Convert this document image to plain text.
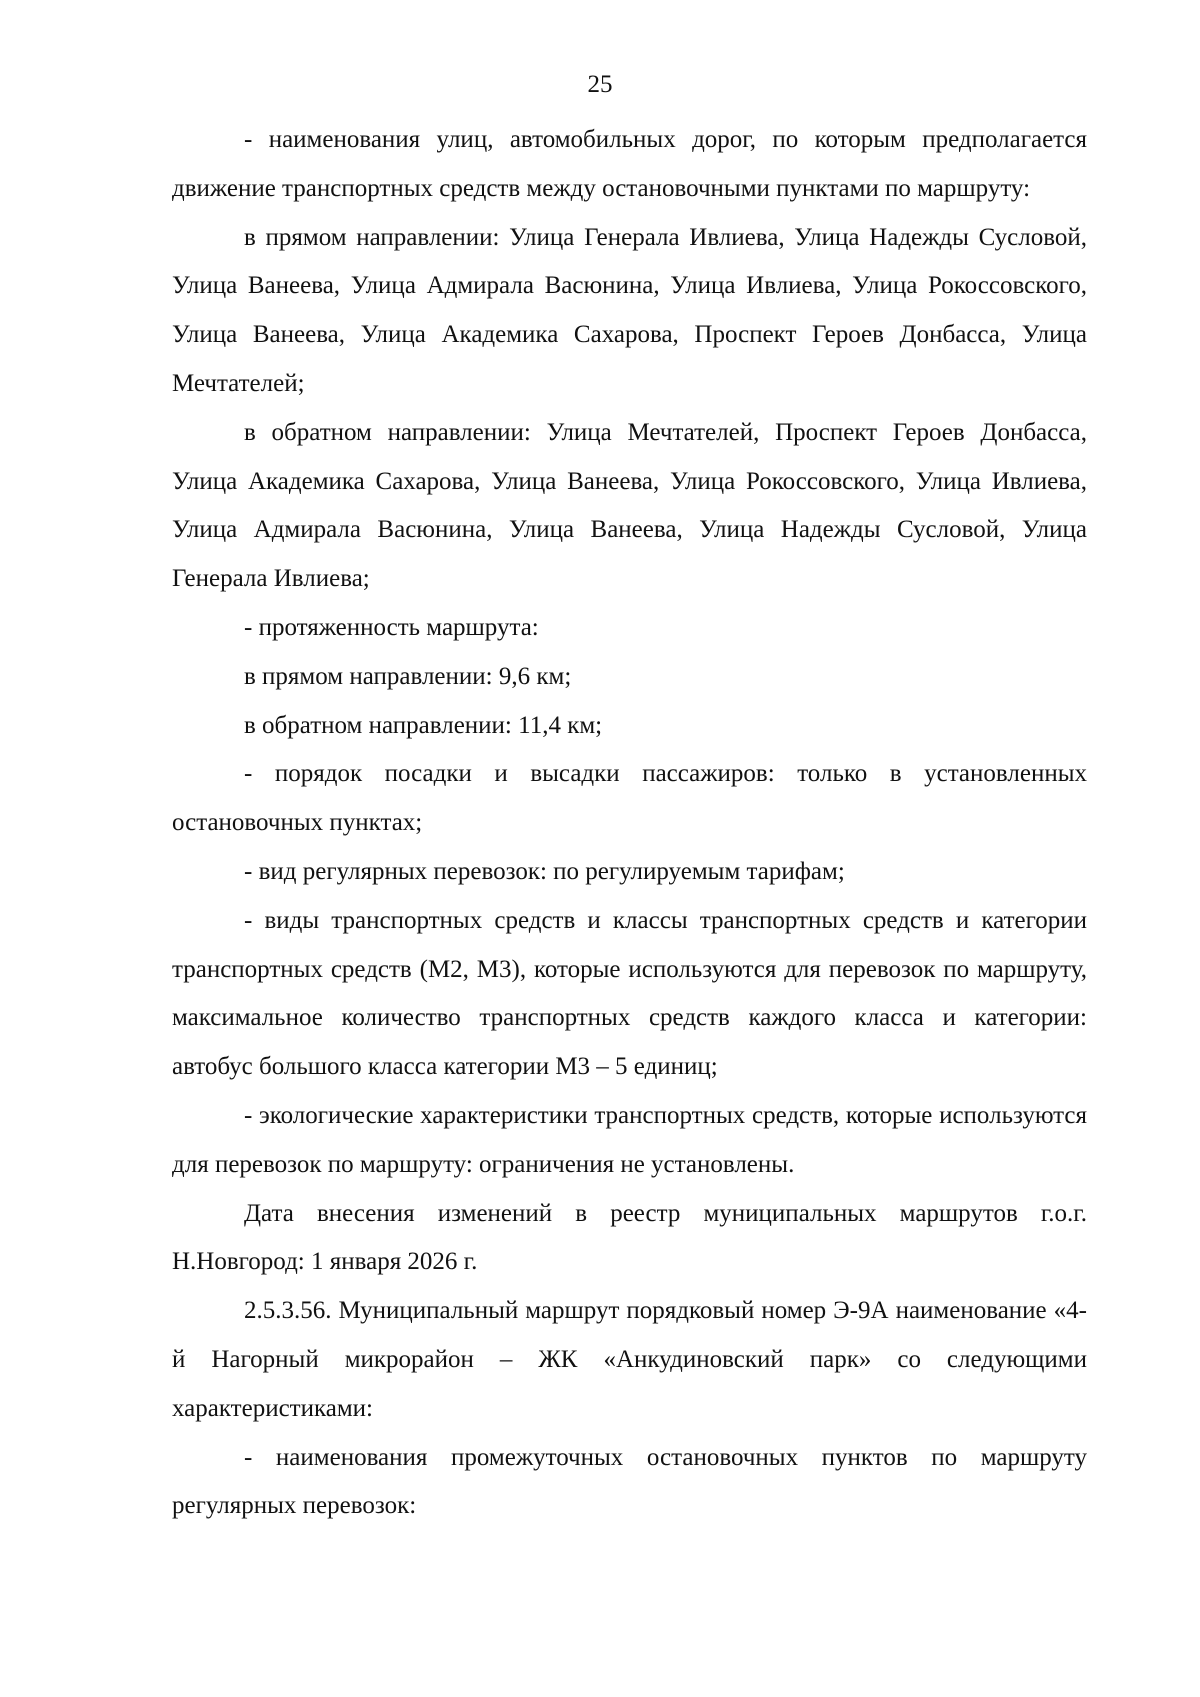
25

- наименования улиц, автомобильных дорог, по которым предполагается движение транспортных средств между остановочными пунктами по маршруту:

в прямом направлении: Улица Генерала Ивлиева, Улица Надежды Сусловой, Улица Ванеева, Улица Адмирала Васюнина, Улица Ивлиева, Улица Рокоссовского, Улица Ванеева, Улица Академика Сахарова, Проспект Героев Донбасса, Улица Мечтателей;

в обратном направлении: Улица Мечтателей, Проспект Героев Донбасса, Улица Академика Сахарова, Улица Ванеева, Улица Рокоссовского, Улица Ивлиева, Улица Адмирала Васюнина, Улица Ванеева, Улица Надежды Сусловой, Улица Генерала Ивлиева;

- протяженность маршрута:

в прямом направлении: 9,6 км;

в обратном направлении: 11,4 км;

- порядок посадки и высадки пассажиров: только в установленных остановочных пунктах;

- вид регулярных перевозок: по регулируемым тарифам;

- виды транспортных средств и классы транспортных средств и категории транспортных средств (М2, М3), которые используются для перевозок по маршруту, максимальное количество транспортных средств каждого класса и категории: автобус большого класса категории М3 – 5 единиц;

- экологические характеристики транспортных средств, которые используются для перевозок по маршруту: ограничения не установлены.

Дата внесения изменений в реестр муниципальных маршрутов г.о.г. Н.Новгород: 1 января 2026 г.

2.5.3.56. Муниципальный маршрут порядковый номер Э-9А наименование «4-й Нагорный микрорайон – ЖК «Анкудиновский парк» со следующими характеристиками:

- наименования промежуточных остановочных пунктов по маршруту регулярных перевозок:
